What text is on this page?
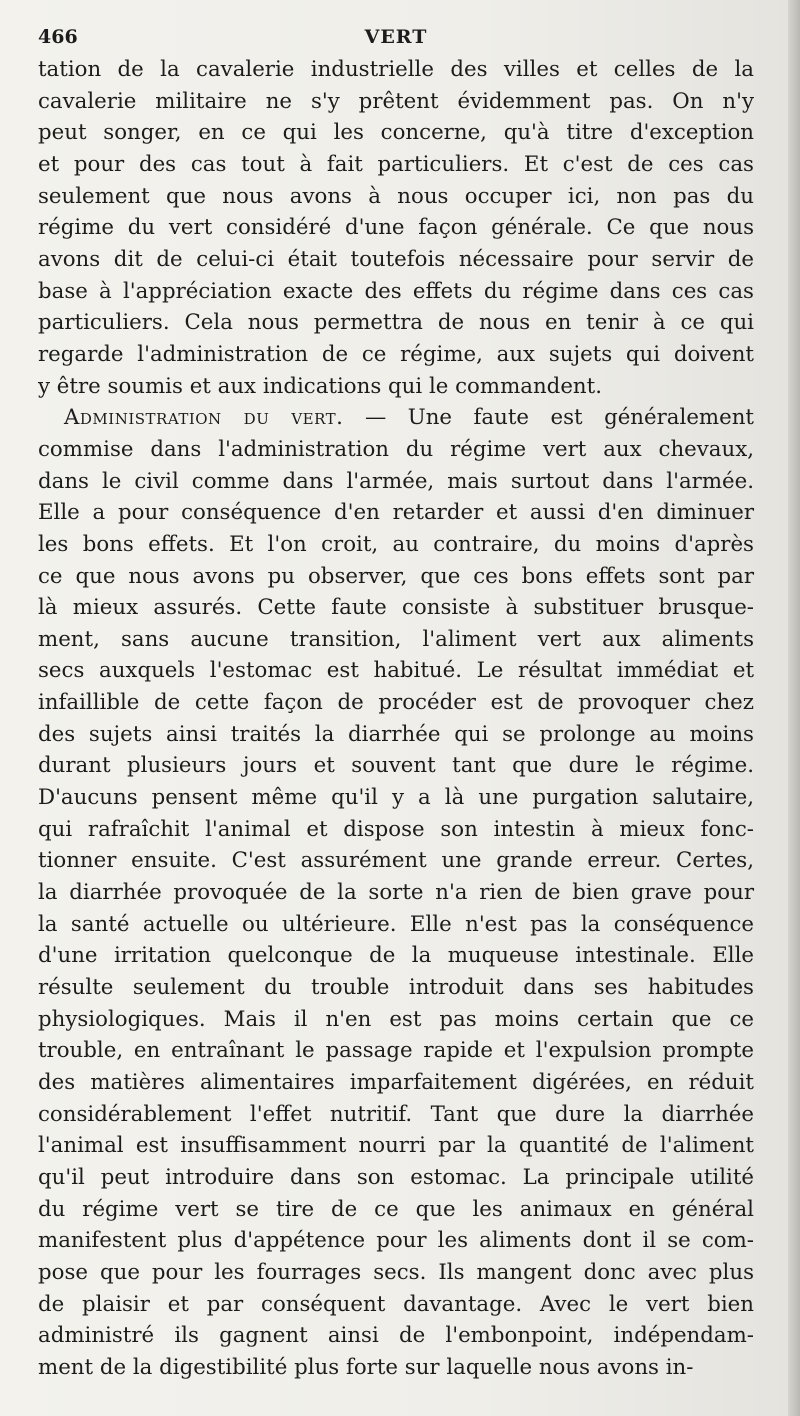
466	VERT
tation de la cavalerie industrielle des villes et celles de la
cavalerie militaire ne s'y prêtent évidemment pas. On n'y
peut songer, en ce qui les concerne, qu'à titre d'exception
et pour des cas tout à fait particuliers. Et c'est de ces cas
seulement que nous avons à nous occuper ici, non pas du
régime du vert considéré d'une façon générale. Ce que nous
avons dit de celui-ci était toutefois nécessaire pour servir de
base à l'appréciation exacte des effets du régime dans ces cas
particuliers. Cela nous permettra de nous en tenir à ce qui
regarde l'administration de ce régime, aux sujets qui doivent
y être soumis et aux indications qui le commandent.
Administration du vert. — Une faute est généralement
commise dans l'administration du régime vert aux chevaux,
dans le civil comme dans l'armée, mais surtout dans l'armée.
Elle a pour conséquence d'en retarder et aussi d'en diminuer
les bons effets. Et l'on croit, au contraire, du moins d'après
ce que nous avons pu observer, que ces bons effets sont par
là mieux assurés. Cette faute consiste à substituer brusque-
ment, sans aucune transition, l'aliment vert aux aliments
secs auxquels l'estomac est habitué. Le résultat immédiat et
infaillible de cette façon de procéder est de provoquer chez
des sujets ainsi traités la diarrhée qui se prolonge au moins
durant plusieurs jours et souvent tant que dure le régime.
D'aucuns pensent même qu'il y a là une purgation salutaire,
qui rafraîchit l'animal et dispose son intestin à mieux fonc-
tionner ensuite. C'est assurément une grande erreur. Certes,
la diarrhée provoquée de la sorte n'a rien de bien grave pour
la santé actuelle ou ultérieure. Elle n'est pas la conséquence
d'une irritation quelconque de la muqueuse intestinale. Elle
résulte seulement du trouble introduit dans ses habitudes
physiologiques. Mais il n'en est pas moins certain que ce
trouble, en entraînant le passage rapide et l'expulsion prompte
des matières alimentaires imparfaitement digérées, en réduit
considérablement l'effet nutritif. Tant que dure la diarrhée
l'animal est insuffisamment nourri par la quantité de l'aliment
qu'il peut introduire dans son estomac. La principale utilité
du régime vert se tire de ce que les animaux en général
manifestent plus d'appétence pour les aliments dont il se com-
pose que pour les fourrages secs. Ils mangent donc avec plus
de plaisir et par conséquent davantage. Avec le vert bien
administré ils gagnent ainsi de l'embonpoint, indépendam-
ment de la digestibilité plus forte sur laquelle nous avons in-
